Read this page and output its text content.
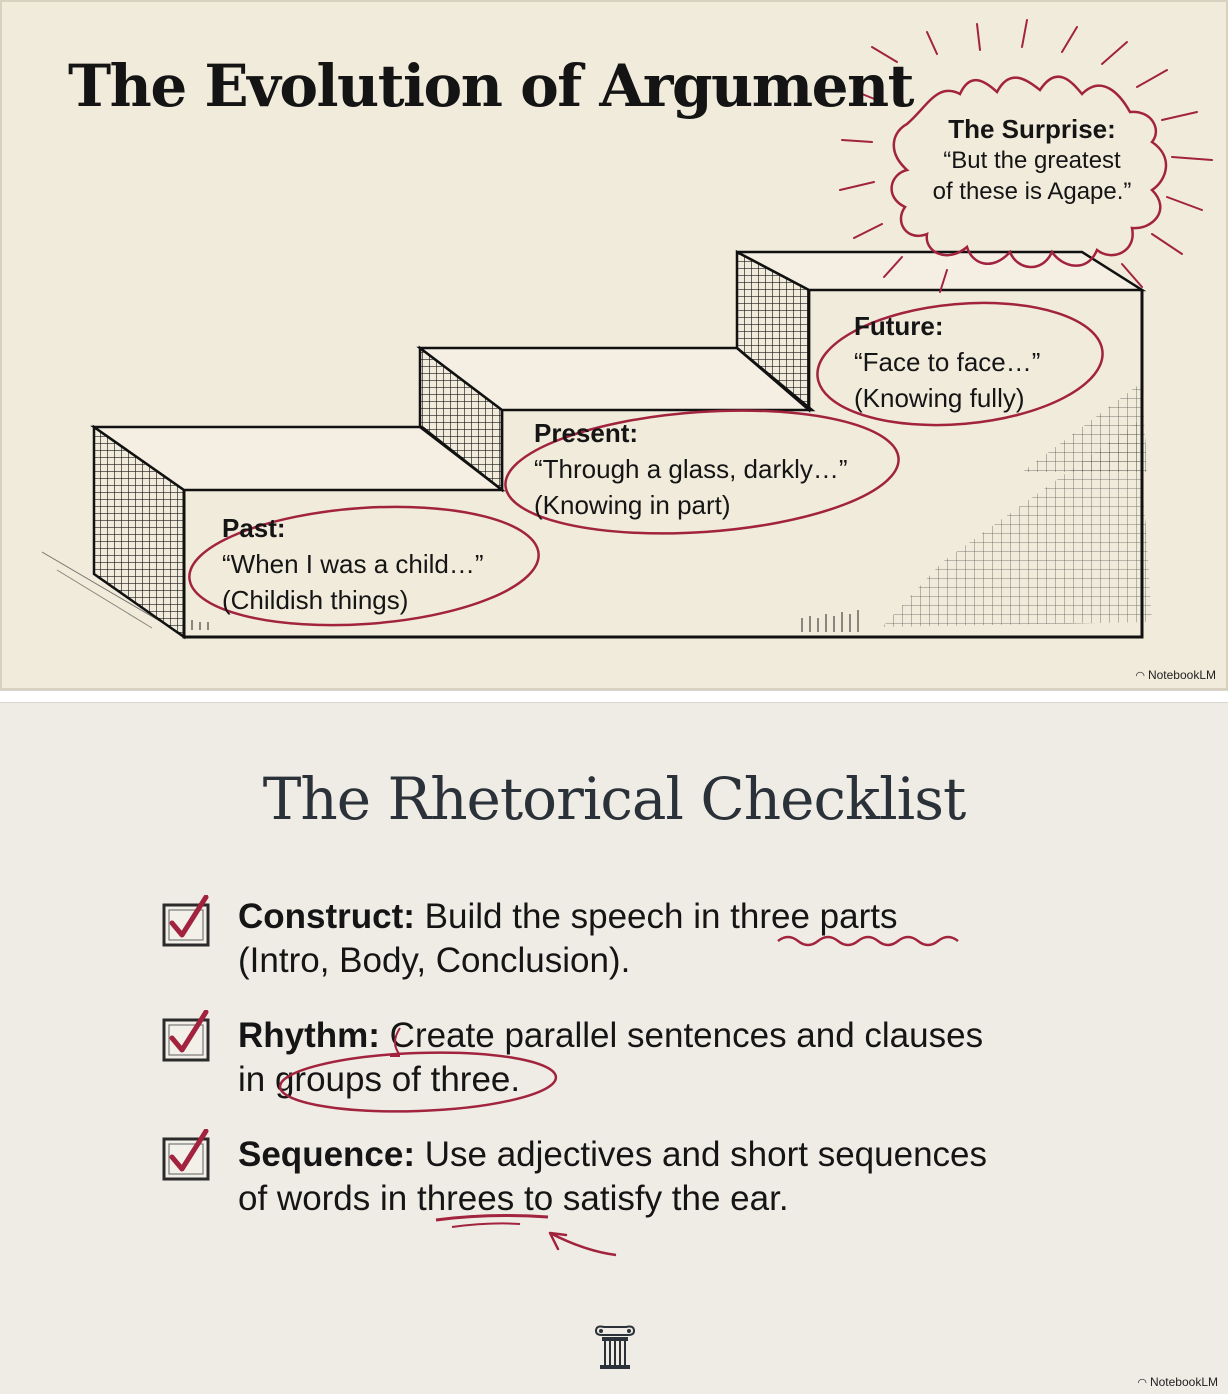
The Evolution of Argument
Past:
“When I was a child…”
(Childish things)
Present:
“Through a glass, darkly…”
(Knowing in part)
Future:
“Face to face…”
(Knowing fully)
The Surprise:
“But the greatest
of these is Agape.”
◠ NotebookLM
The Rhetorical Checklist
Construct: Build the speech in three parts
(Intro, Body, Conclusion).
Rhythm: Create parallel sentences and clauses
in groups of three.
Sequence: Use adjectives and short sequences
of words in threes to satisfy the ear.
◠ NotebookLM
